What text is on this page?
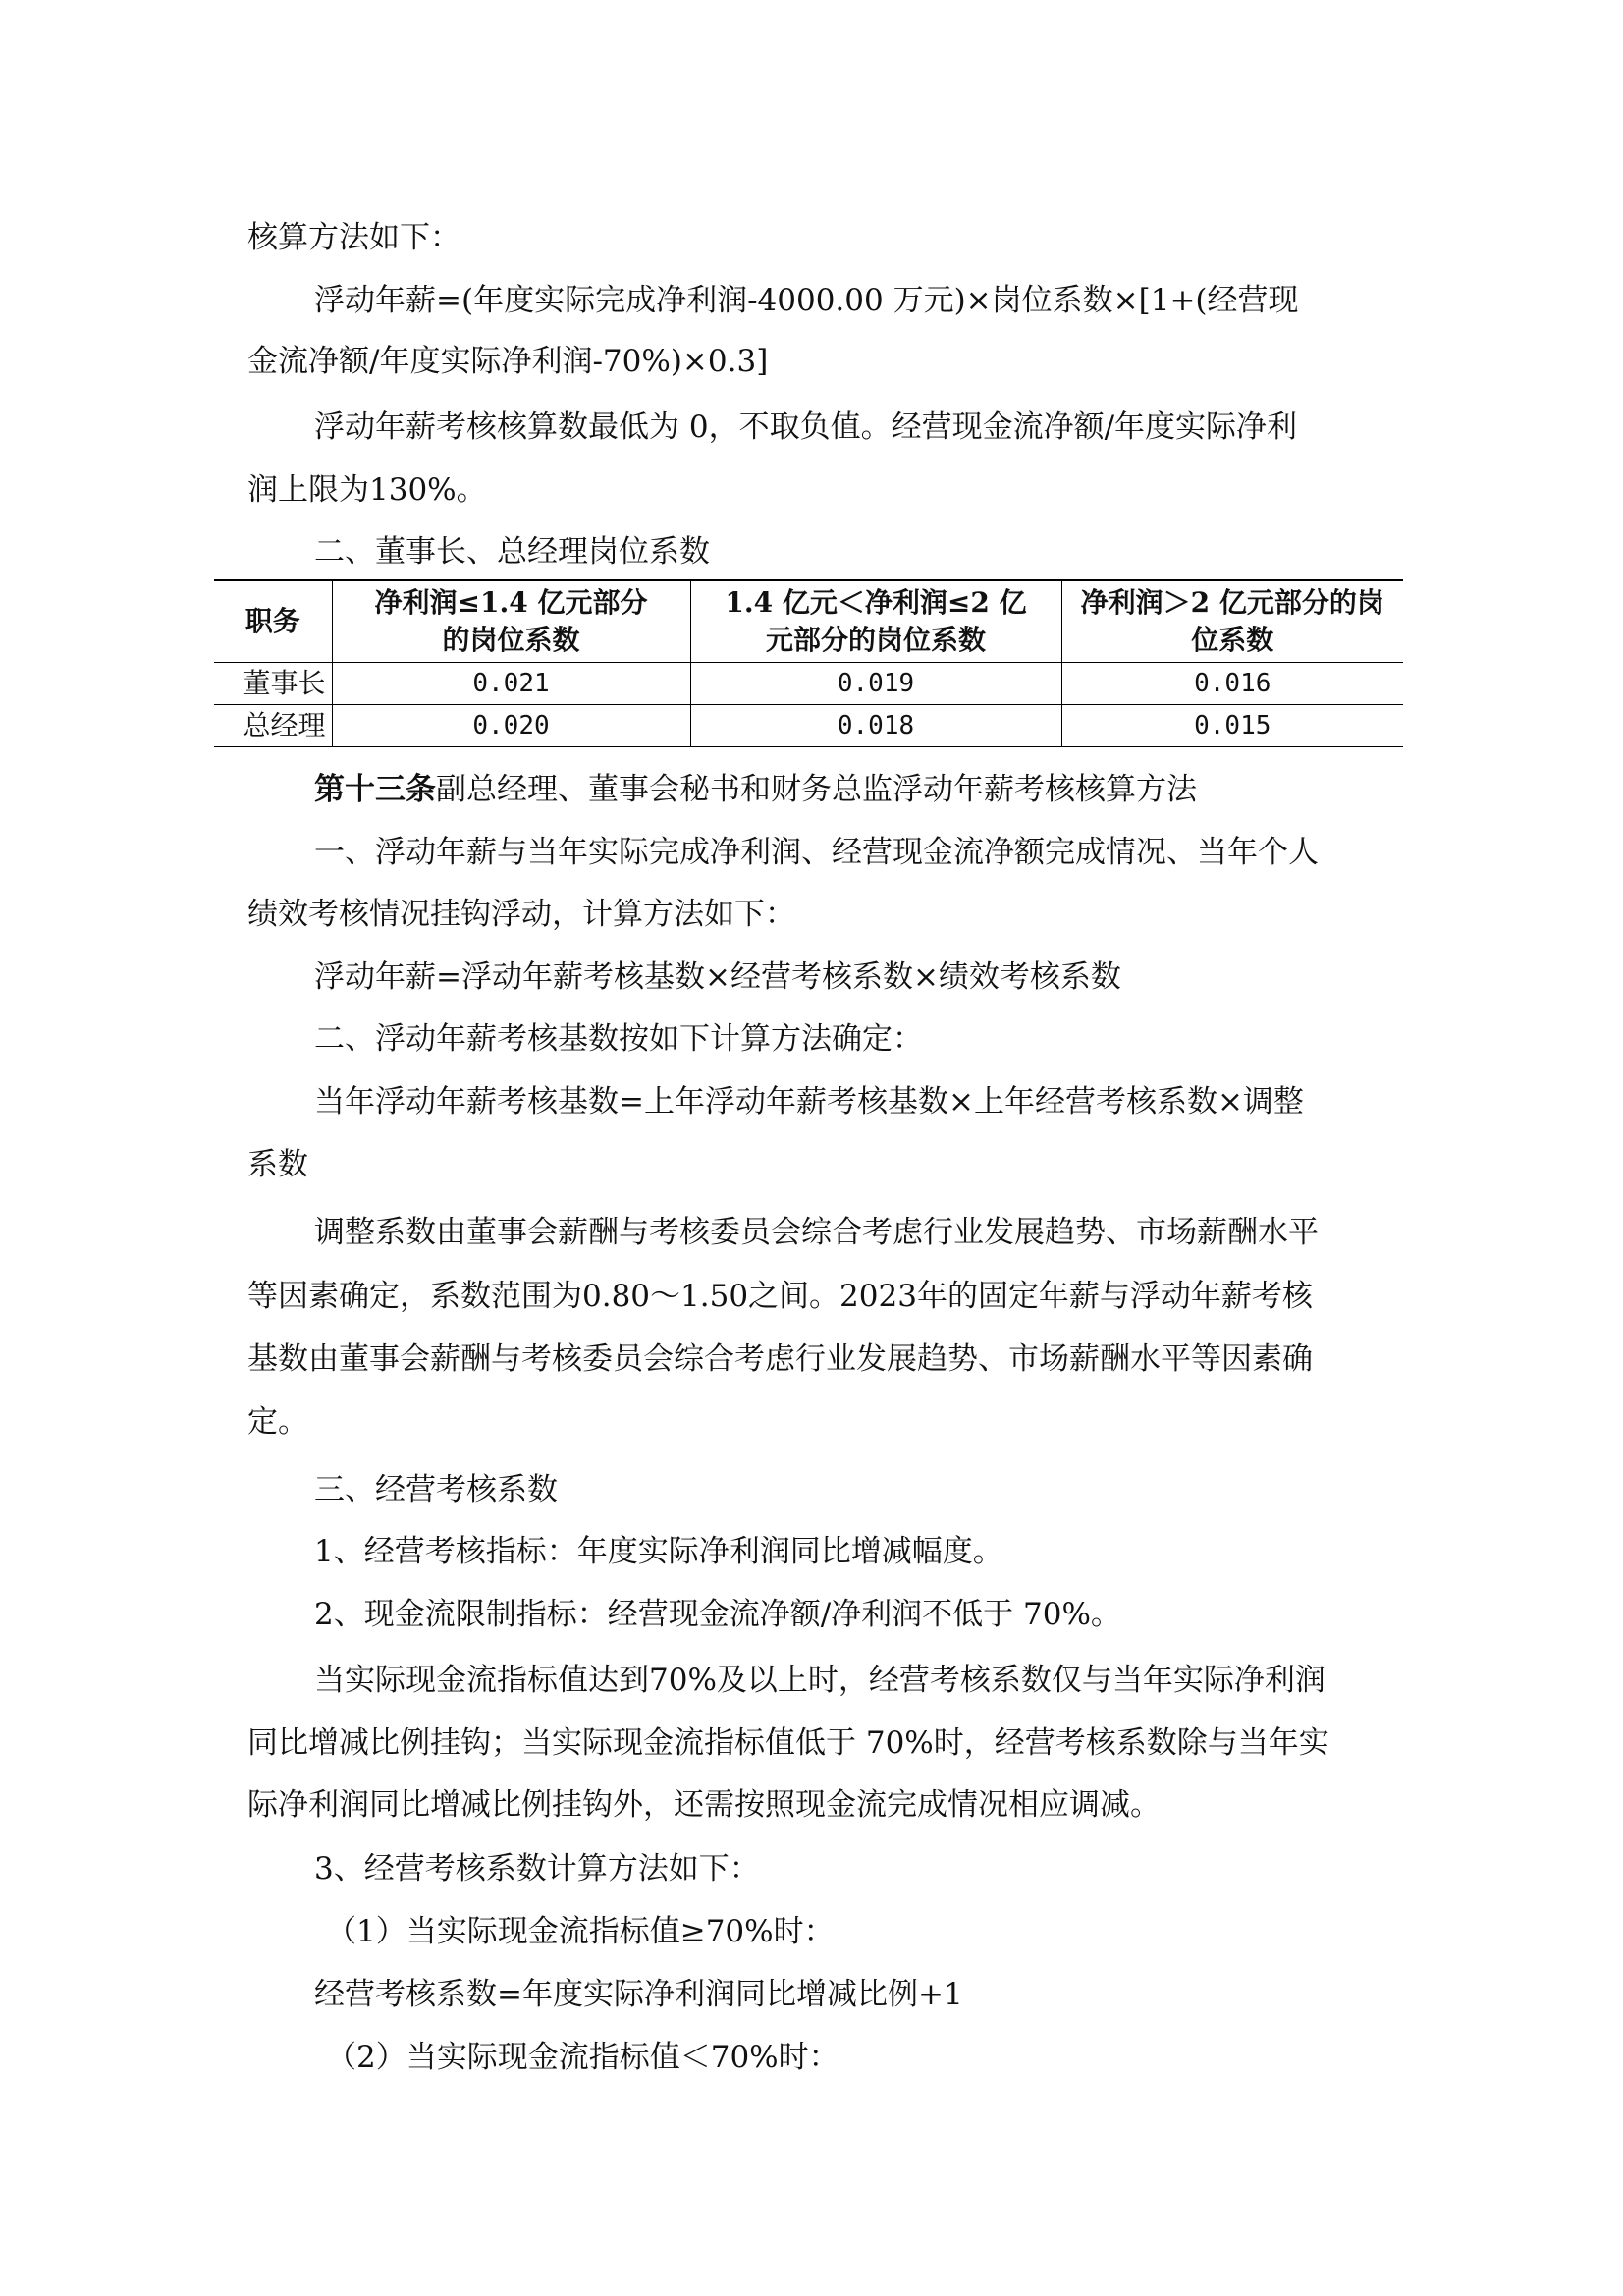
核算方法如下：
浮动年薪=(年度实际完成净利润-4000.00 万元)×岗位系数×[1+(经营现
金流净额/年度实际净利润-70%)×0.3]
浮动年薪考核核算数最低为 0，不取负值。经营现金流净额/年度实际净利
润上限为130%。
二、董事长、总经理岗位系数
职务	净利润≤1.4 亿元部分
的岗位系数	1.4 亿元＜净利润≤2 亿
元部分的岗位系数	净利润＞2 亿元部分的岗
位系数
董事长	0.021	0.019	0.016
总经理	0.020	0.018	0.015
第十三条副总经理、董事会秘书和财务总监浮动年薪考核核算方法
一、浮动年薪与当年实际完成净利润、经营现金流净额完成情况、当年个人
绩效考核情况挂钩浮动，计算方法如下：
浮动年薪=浮动年薪考核基数×经营考核系数×绩效考核系数
二、浮动年薪考核基数按如下计算方法确定：
当年浮动年薪考核基数=上年浮动年薪考核基数×上年经营考核系数×调整
系数
调整系数由董事会薪酬与考核委员会综合考虑行业发展趋势、市场薪酬水平
等因素确定，系数范围为0.80～1.50之间。2023年的固定年薪与浮动年薪考核
基数由董事会薪酬与考核委员会综合考虑行业发展趋势、市场薪酬水平等因素确
定。
三、经营考核系数
1、经营考核指标：年度实际净利润同比增减幅度。
2、现金流限制指标：经营现金流净额/净利润不低于 70%。
当实际现金流指标值达到70%及以上时，经营考核系数仅与当年实际净利润
同比增减比例挂钩；当实际现金流指标值低于 70%时，经营考核系数除与当年实
际净利润同比增减比例挂钩外，还需按照现金流完成情况相应调减。
3、经营考核系数计算方法如下：
（1）当实际现金流指标值≥70%时：
经营考核系数=年度实际净利润同比增减比例+1
（2）当实际现金流指标值＜70%时：
